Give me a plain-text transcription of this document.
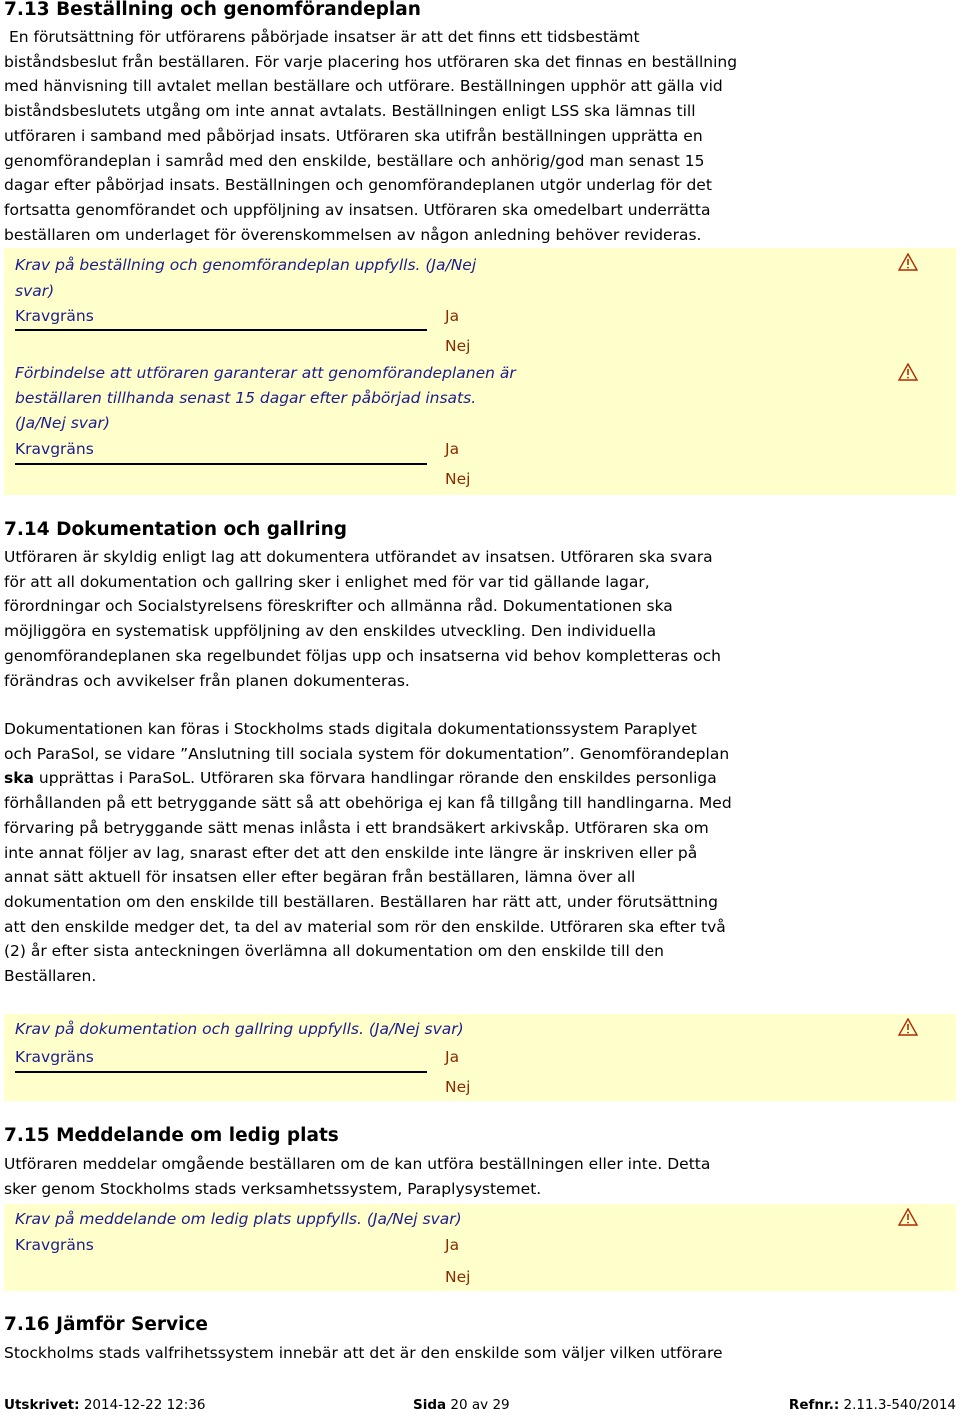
7.13 Beställning och genomförandeplan

En förutsättning för utförarens påbörjade insatser är att det finns ett tidsbestämt
biståndsbeslut från beställaren. För varje placering hos utföraren ska det finnas en beställning
med hänvisning till avtalet mellan beställare och utförare. Beställningen upphör att gälla vid
biståndsbeslutets utgång om inte annat avtalats. Beställningen enligt LSS ska lämnas till
utföraren i samband med påbörjad insats. Utföraren ska utifrån beställningen upprätta en
genomförandeplan i samråd med den enskilde, beställare och anhörig/god man senast 15
dagar efter påbörjad insats. Beställningen och genomförandeplanen utgör underlag för det
fortsatta genomförandet och uppföljning av insatsen. Utföraren ska omedelbart underrätta
beställaren om underlaget för överenskommelsen av någon anledning behöver revideras.

Krav på beställning och genomförandeplan uppfylls. (Ja/Nej
svar)
Kravgräns	Ja
Nej
Förbindelse att utföraren garanterar att genomförandeplanen är
beställaren tillhanda senast 15 dagar efter påbörjad insats.
(Ja/Nej svar)
Kravgräns	Ja
Nej
7.14 Dokumentation och gallring

Utföraren är skyldig enligt lag att dokumentera utförandet av insatsen. Utföraren ska svara
för att all dokumentation och gallring sker i enlighet med för var tid gällande lagar,
förordningar och Socialstyrelsens föreskrifter och allmänna råd. Dokumentationen ska
möjliggöra en systematisk uppföljning av den enskildes utveckling. Den individuella
genomförandeplanen ska regelbundet följas upp och insatserna vid behov kompletteras och
förändras och avvikelser från planen dokumenteras.

Dokumentationen kan föras i Stockholms stads digitala dokumentationssystem Paraplyet
och ParaSol, se vidare ”Anslutning till sociala system för dokumentation”. Genomförandeplan
ska upprättas i ParaSoL. Utföraren ska förvara handlingar rörande den enskildes personliga
förhållanden på ett betryggande sätt så att obehöriga ej kan få tillgång till handlingarna. Med
förvaring på betryggande sätt menas inlåsta i ett brandsäkert arkivskåp. Utföraren ska om
inte annat följer av lag, snarast efter det att den enskilde inte längre är inskriven eller på
annat sätt aktuell för insatsen eller efter begäran från beställaren, lämna över all
dokumentation om den enskilde till beställaren. Beställaren har rätt att, under förutsättning
att den enskilde medger det, ta del av material som rör den enskilde. Utföraren ska efter två
(2) år efter sista anteckningen överlämna all dokumentation om den enskilde till den
Beställaren.

Krav på dokumentation och gallring uppfylls. (Ja/Nej svar)
Kravgräns	Ja
Nej
7.15 Meddelande om ledig plats

Utföraren meddelar omgående beställaren om de kan utföra beställningen eller inte. Detta
sker genom Stockholms stads verksamhetssystem, Paraplysystemet.

Krav på meddelande om ledig plats uppfylls. (Ja/Nej svar)
Kravgräns	Ja
Nej
7.16 Jämför Service

Stockholms stads valfrihetssystem innebär att det är den enskilde som väljer vilken utförare

Utskrivet: 2014-12-22 12:36	Sida 20 av 29	Refnr.: 2.11.3-540/2014
